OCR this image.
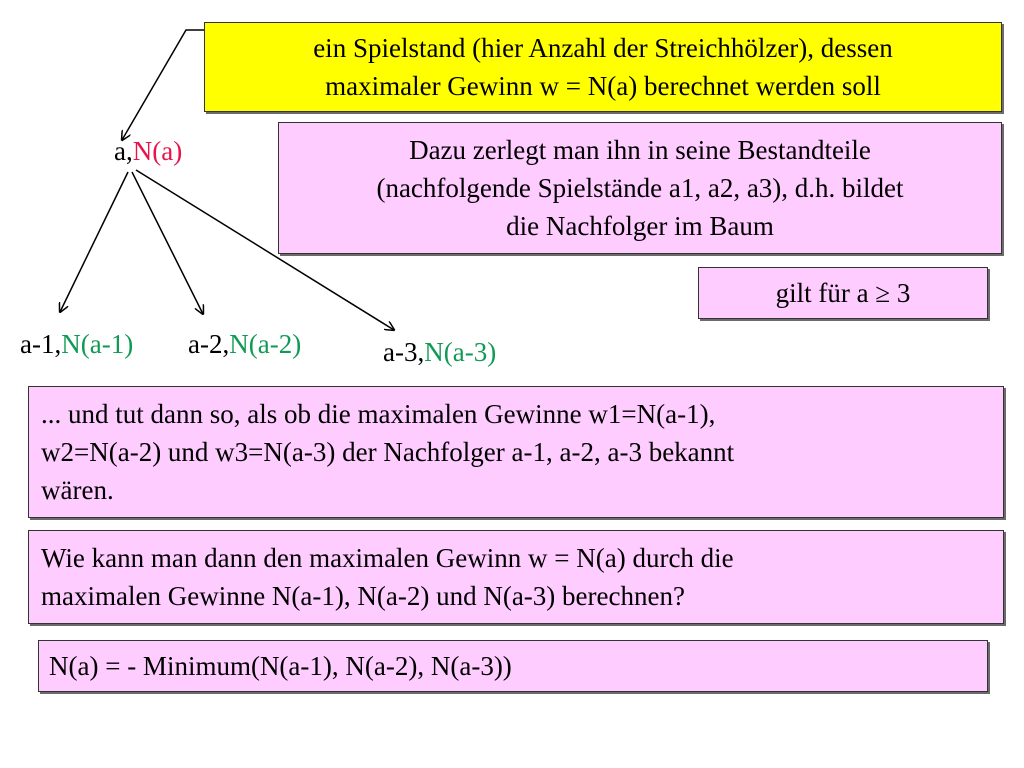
ein Spielstand (hier Anzahl der Streichhölzer), dessen
maximaler Gewinn w = N(a) berechnet werden soll
a,N(a)	Dazu zerlegt man ihn in seine Bestandteile
(nachfolgende Spielstände a1, a2, a3), d.h. bildet
die Nachfolger im Baum
gilt für a ≥ 3
a-1,N(a-1) a-2,N(a-2)	a-3,N(a-3)
... und tut dann so, als ob die maximalen Gewinne w1=N(a-1),
w2=N(a-2) und w3=N(a-3) der Nachfolger a-1, a-2, a-3 bekannt
wären.
Wie kann man dann den maximalen Gewinn w = N(a) durch die
maximalen Gewinne N(a-1), N(a-2) und N(a-3) berechnen?
N(a) = - Minimum(N(a-1), N(a-2), N(a-3))
